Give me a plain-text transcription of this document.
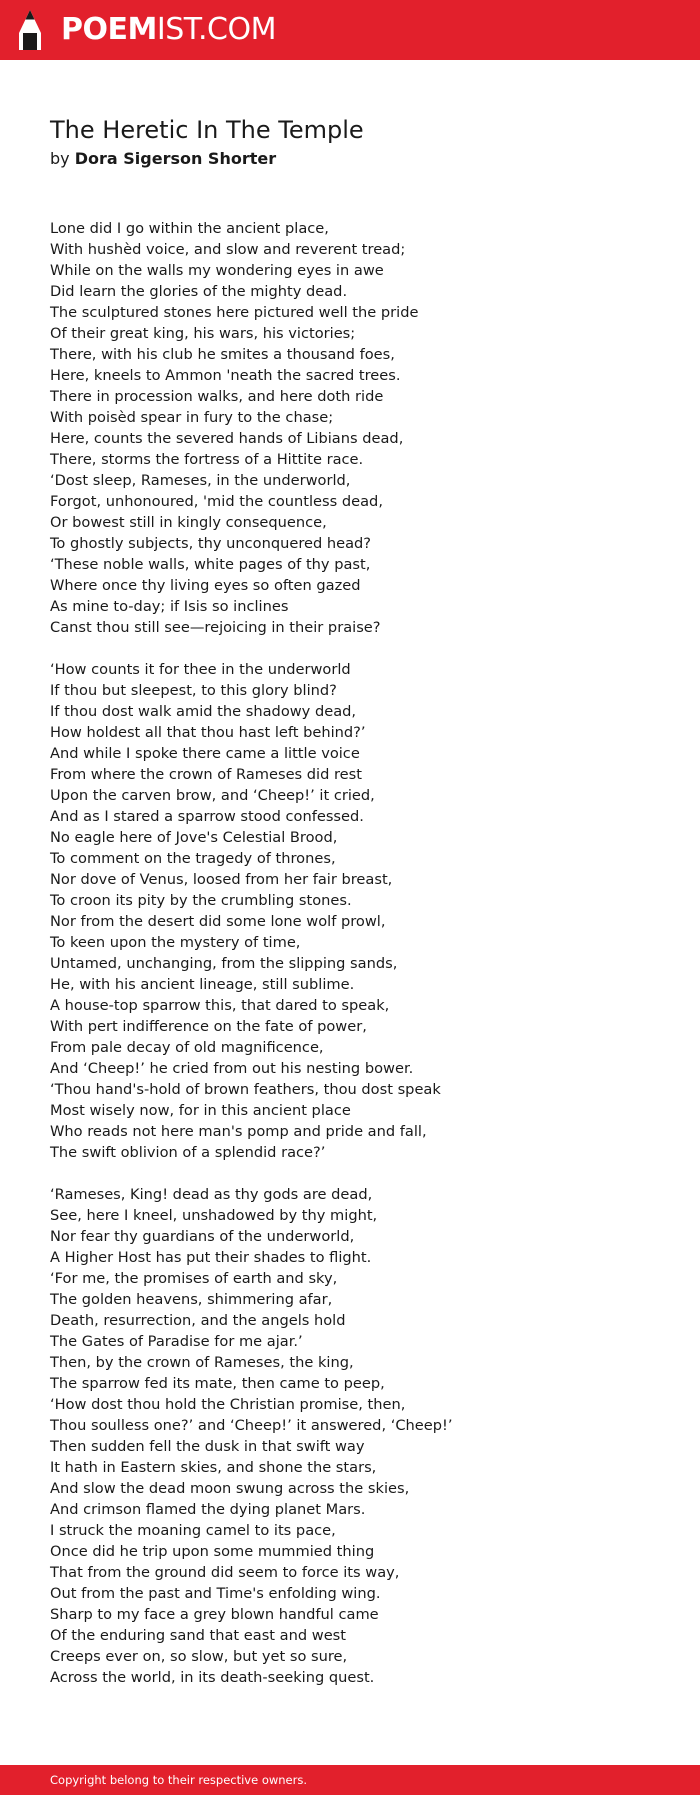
POEMIST.COM
The Heretic In The Temple
by Dora Sigerson Shorter
Lone did I go within the ancient place,
With hushèd voice, and slow and reverent tread;
While on the walls my wondering eyes in awe
Did learn the glories of the mighty dead.
The sculptured stones here pictured well the pride
Of their great king, his wars, his victories;
There, with his club he smites a thousand foes,
Here, kneels to Ammon 'neath the sacred trees.
There in procession walks, and here doth ride
With poisèd spear in fury to the chase;
Here, counts the severed hands of Libians dead,
There, storms the fortress of a Hittite race.
‘Dost sleep, Rameses, in the underworld,
Forgot, unhonoured, 'mid the countless dead,
Or bowest still in kingly consequence,
To ghostly subjects, thy unconquered head?
‘These noble walls, white pages of thy past,
Where once thy living eyes so often gazed
As mine to-day; if Isis so inclines
Canst thou still see—rejoicing in their praise?
‘How counts it for thee in the underworld
If thou but sleepest, to this glory blind?
If thou dost walk amid the shadowy dead,
How holdest all that thou hast left behind?’
And while I spoke there came a little voice
From where the crown of Rameses did rest
Upon the carven brow, and ‘Cheep!’ it cried,
And as I stared a sparrow stood confessed.
No eagle here of Jove's Celestial Brood,
To comment on the tragedy of thrones,
Nor dove of Venus, loosed from her fair breast,
To croon its pity by the crumbling stones.
Nor from the desert did some lone wolf prowl,
To keen upon the mystery of time,
Untamed, unchanging, from the slipping sands,
He, with his ancient lineage, still sublime.
A house-top sparrow this, that dared to speak,
With pert indifference on the fate of power,
From pale decay of old magnificence,
And ‘Cheep!’ he cried from out his nesting bower.
‘Thou hand's-hold of brown feathers, thou dost speak
Most wisely now, for in this ancient place
Who reads not here man's pomp and pride and fall,
The swift oblivion of a splendid race?’
‘Rameses, King! dead as thy gods are dead,
See, here I kneel, unshadowed by thy might,
Nor fear thy guardians of the underworld,
A Higher Host has put their shades to flight.
‘For me, the promises of earth and sky,
The golden heavens, shimmering afar,
Death, resurrection, and the angels hold
The Gates of Paradise for me ajar.’
Then, by the crown of Rameses, the king,
The sparrow fed its mate, then came to peep,
‘How dost thou hold the Christian promise, then,
Thou soulless one?’ and ‘Cheep!’ it answered, ‘Cheep!’
Then sudden fell the dusk in that swift way
It hath in Eastern skies, and shone the stars,
And slow the dead moon swung across the skies,
And crimson flamed the dying planet Mars.
I struck the moaning camel to its pace,
Once did he trip upon some mummied thing
That from the ground did seem to force its way,
Out from the past and Time's enfolding wing.
Sharp to my face a grey blown handful came
Of the enduring sand that east and west
Creeps ever on, so slow, but yet so sure,
Across the world, in its death-seeking quest.
Copyright belong to their respective owners.
